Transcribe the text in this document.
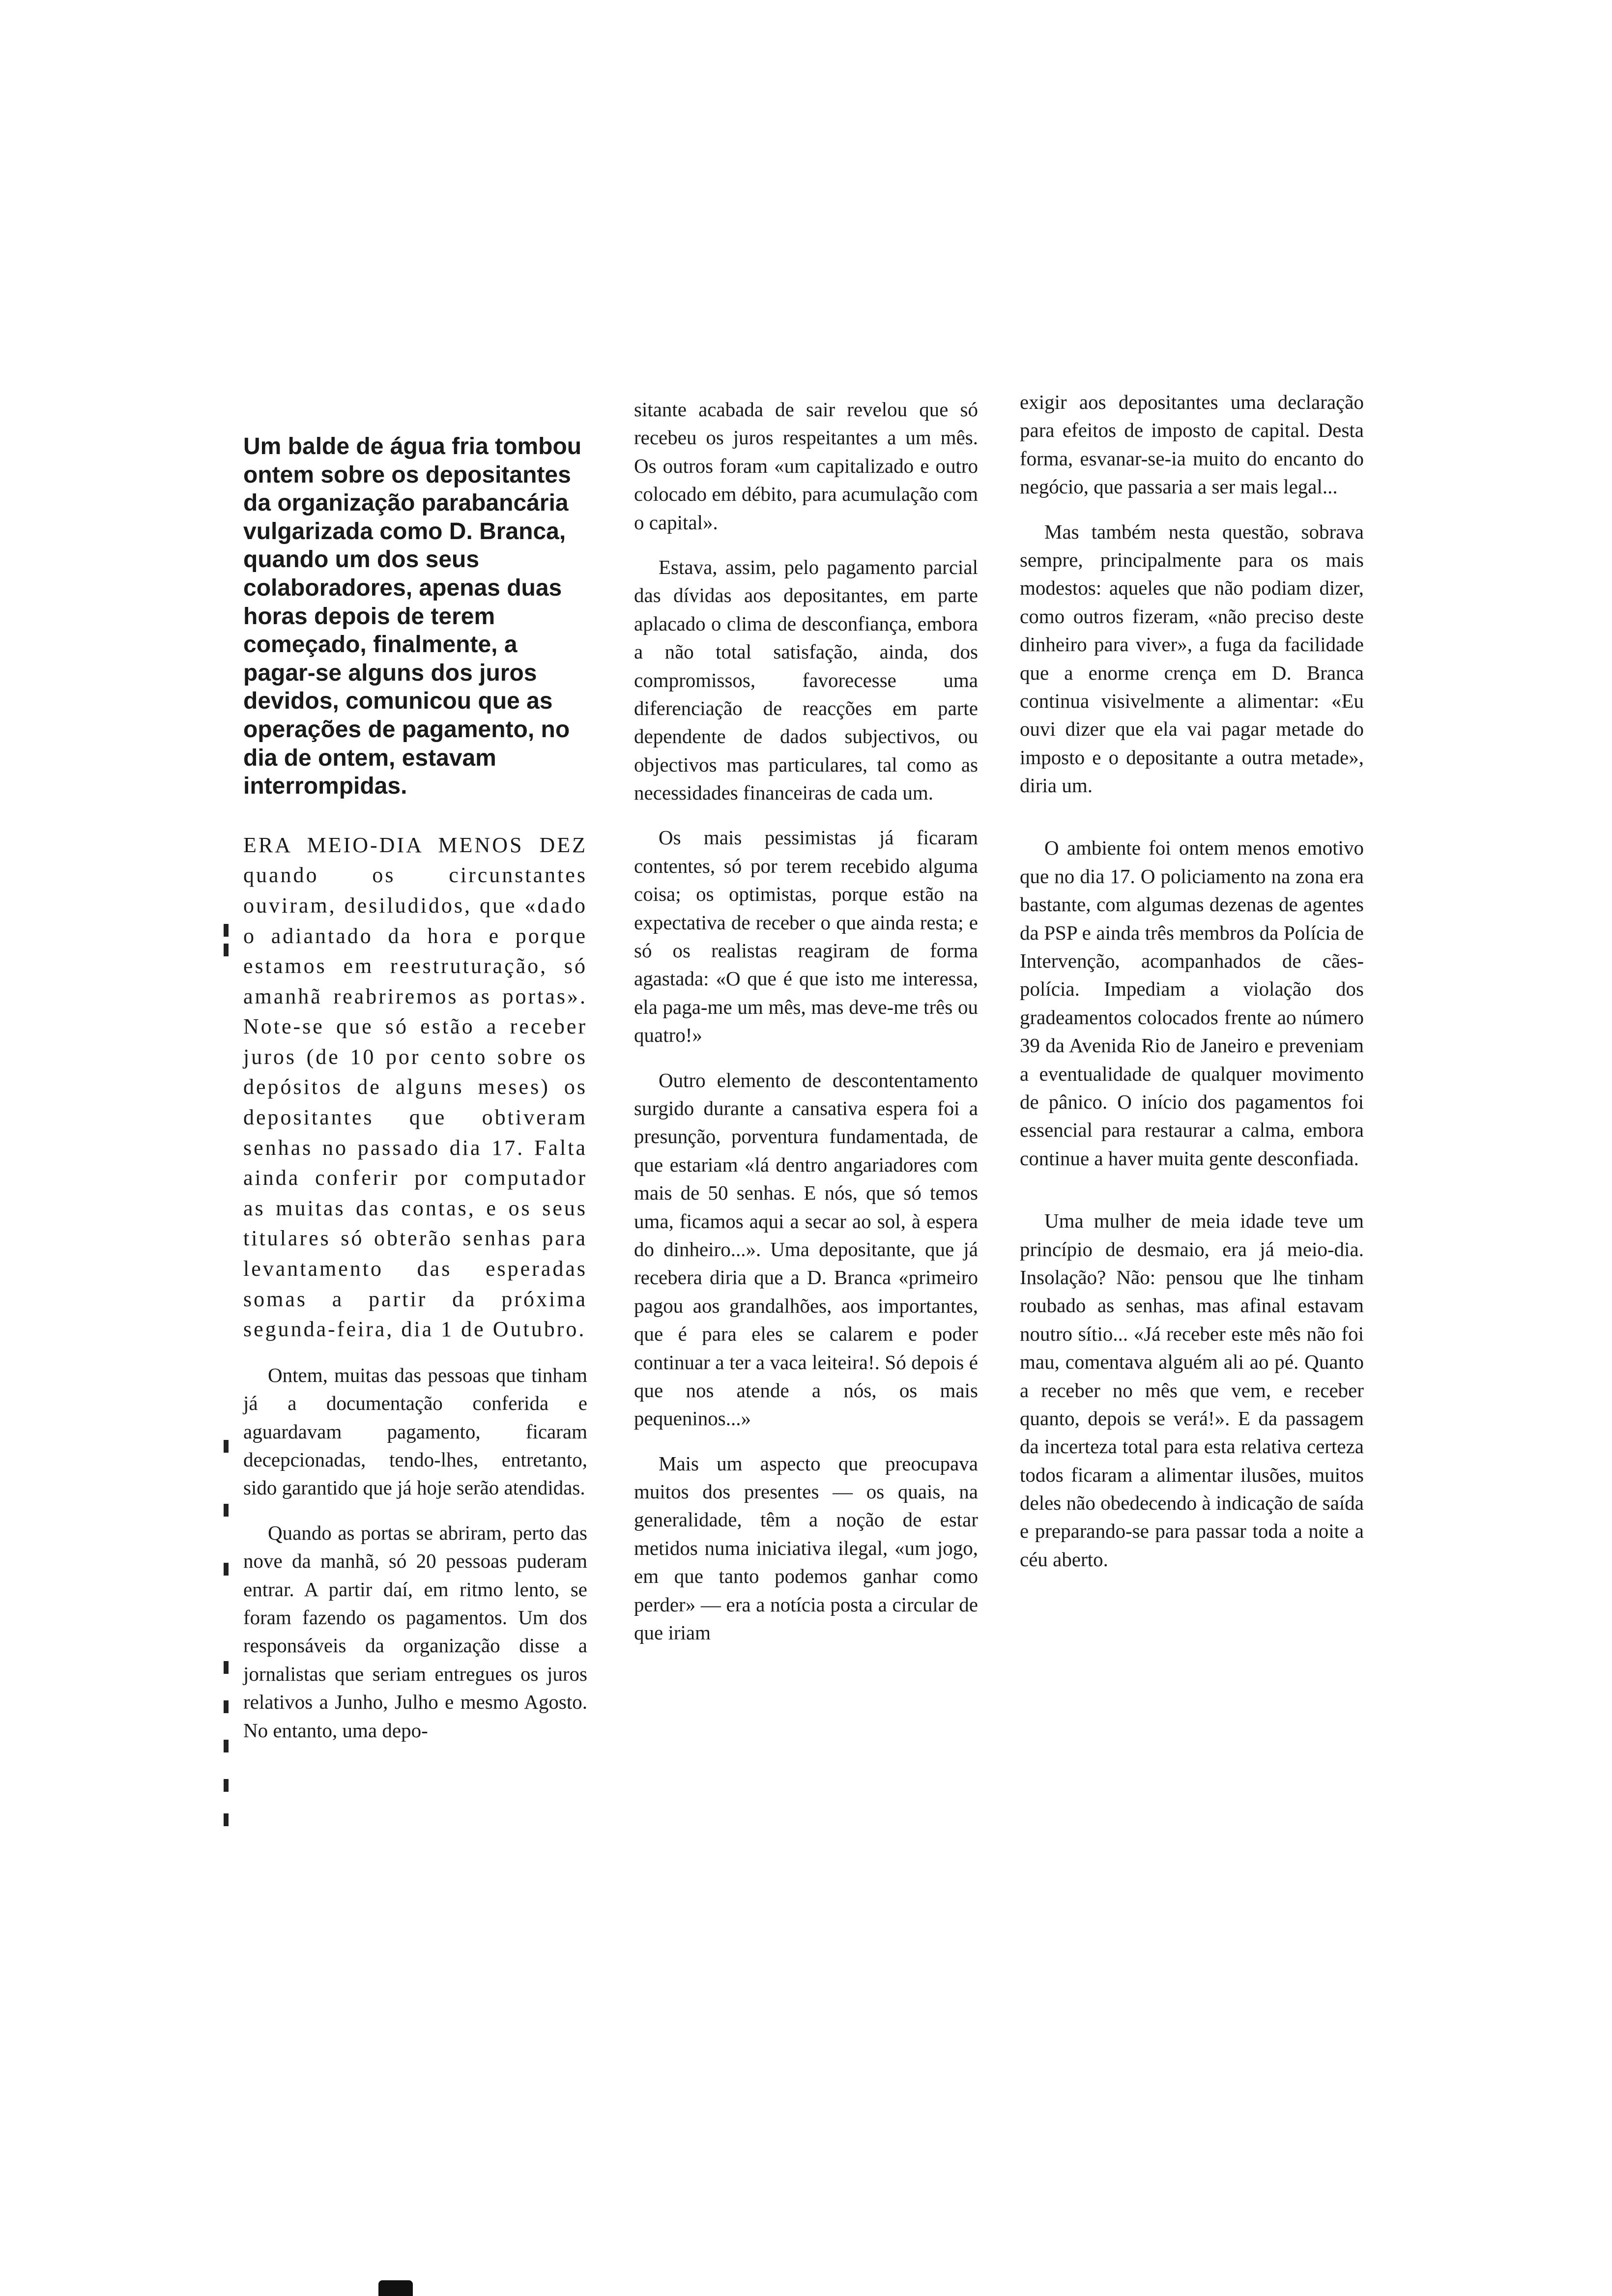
Um balde de água fria tombou ontem sobre os depositantes da organização parabancária vulgarizada como D. Branca, quando um dos seus colaboradores, apenas duas horas depois de terem começado, finalmente, a pagar-se alguns dos juros devidos, comunicou que as operações de pagamento, no dia de ontem, estavam interrompidas.

ERA MEIO-DIA MENOS DEZ quando os circunstantes ouviram, desiludidos, que «dado o adiantado da hora e porque estamos em reestruturação, só amanhã reabriremos as portas». Note-se que só estão a receber juros (de 10 por cento sobre os depósitos de alguns meses) os depositantes que obtiveram senhas no passado dia 17. Falta ainda conferir por computador as muitas das contas, e os seus titulares só obterão senhas para levantamento das esperadas somas a partir da próxima segunda-feira, dia 1 de Outubro.

Ontem, muitas das pessoas que tinham já a documentação conferida e aguardavam pagamento, ficaram decepcionadas, tendo-lhes, entretanto, sido garantido que já hoje serão atendidas.

Quando as portas se abriram, perto das nove da manhã, só 20 pessoas puderam entrar. A partir daí, em ritmo lento, se foram fazendo os pagamentos. Um dos responsáveis da organização disse a jornalistas que seriam entregues os juros relativos a Junho, Julho e mesmo Agosto. No entanto, uma depo-

sitante acabada de sair revelou que só recebeu os juros respeitantes a um mês. Os outros foram «um capitalizado e outro colocado em débito, para acumulação com o capital».

Estava, assim, pelo pagamento parcial das dívidas aos depositantes, em parte aplacado o clima de desconfiança, embora a não total satisfação, ainda, dos compromissos, favorecesse uma diferenciação de reacções em parte dependente de dados subjectivos, ou objectivos mas particulares, tal como as necessidades financeiras de cada um.

Os mais pessimistas já ficaram contentes, só por terem recebido alguma coisa; os optimistas, porque estão na expectativa de receber o que ainda resta; e só os realistas reagiram de forma agastada: «O que é que isto me interessa, ela paga-me um mês, mas deve-me três ou quatro!»

Outro elemento de descontentamento surgido durante a cansativa espera foi a presunção, porventura fundamentada, de que estariam «lá dentro angariadores com mais de 50 senhas. E nós, que só temos uma, ficamos aqui a secar ao sol, à espera do dinheiro...». Uma depositante, que já recebera diria que a D. Branca «primeiro pagou aos grandalhões, aos importantes, que é para eles se calarem e poder continuar a ter a vaca leiteira!. Só depois é que nos atende a nós, os mais pequeninos...»

Mais um aspecto que preocupava muitos dos presentes — os quais, na generalidade, têm a noção de estar metidos numa iniciativa ilegal, «um jogo, em que tanto podemos ganhar como perder» — era a notícia posta a circular de que iriam

exigir aos depositantes uma declaração para efeitos de imposto de capital. Desta forma, esvanar-se-ia muito do encanto do negócio, que passaria a ser mais legal...

Mas também nesta questão, sobrava sempre, principalmente para os mais modestos: aqueles que não podiam dizer, como outros fizeram, «não preciso deste dinheiro para viver», a fuga da facilidade que a enorme crença em D. Branca continua visivelmente a alimentar: «Eu ouvi dizer que ela vai pagar metade do imposto e o depositante a outra metade», diria um.

O ambiente foi ontem menos emotivo que no dia 17. O policiamento na zona era bastante, com algumas dezenas de agentes da PSP e ainda três membros da Polícia de Intervenção, acompanhados de cães-polícia. Impediam a violação dos gradeamentos colocados frente ao número 39 da Avenida Rio de Janeiro e preveniam a eventualidade de qualquer movimento de pânico. O início dos pagamentos foi essencial para restaurar a calma, embora continue a haver muita gente desconfiada.

Uma mulher de meia idade teve um princípio de desmaio, era já meio-dia. Insolação? Não: pensou que lhe tinham roubado as senhas, mas afinal estavam noutro sítio... «Já receber este mês não foi mau, comentava alguém ali ao pé. Quanto a receber no mês que vem, e receber quanto, depois se verá!». E da passagem da incerteza total para esta relativa certeza todos ficaram a alimentar ilusões, muitos deles não obedecendo à indicação de saída e preparando-se para passar toda a noite a céu aberto.
